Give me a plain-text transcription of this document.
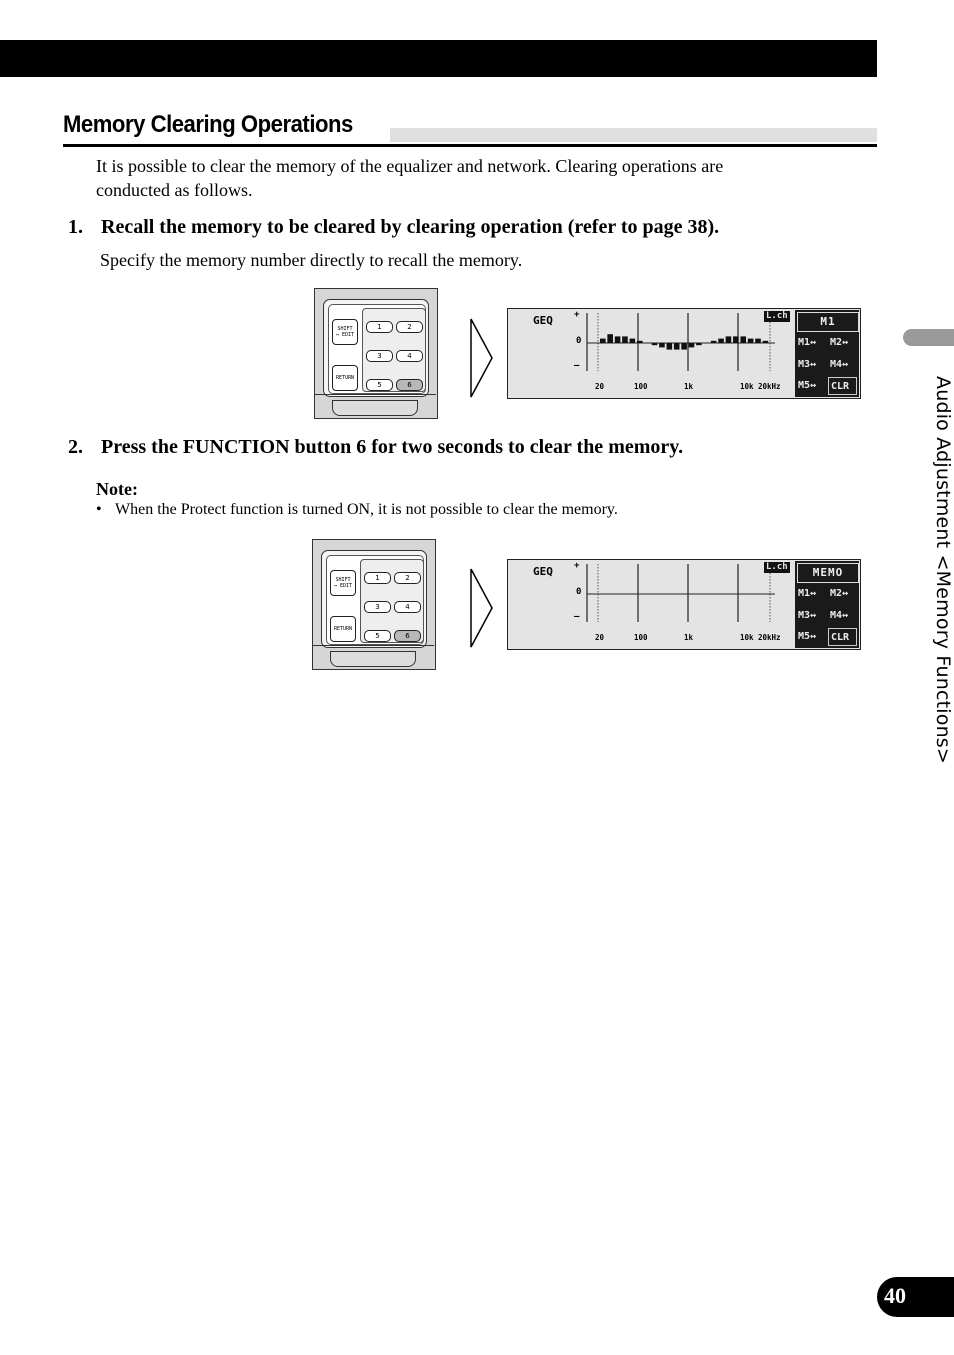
Memory Clearing Operations
It is possible to clear the memory of the equalizer and network. Clearing operations are
conducted as follows.
1. Recall the memory to be cleared by clearing operation (refer to page 38).
Specify the memory number directly to recall the memory.
SHIFT
↔ EDIT
RETURN
1	2
3	4
5	6
GEQ +
0
–
L.ch
20	100	1k	10k 20kHz
M1
M1↔	M2↔
M3↔	M4↔
M5↔	CLR
2. Press the FUNCTION button 6 for two seconds to clear the memory.
Note:
• When the Protect function is turned ON, it is not possible to clear the memory.
SHIFT
↔ EDIT
RETURN
1	2
3	4
5	6
GEQ +
0
–
L.ch
20	100	1k	10k 20kHz
MEMO
M1↔	M2↔
M3↔	M4↔
M5↔	CLR	Audio Adjustment <Memory Functions>
40
